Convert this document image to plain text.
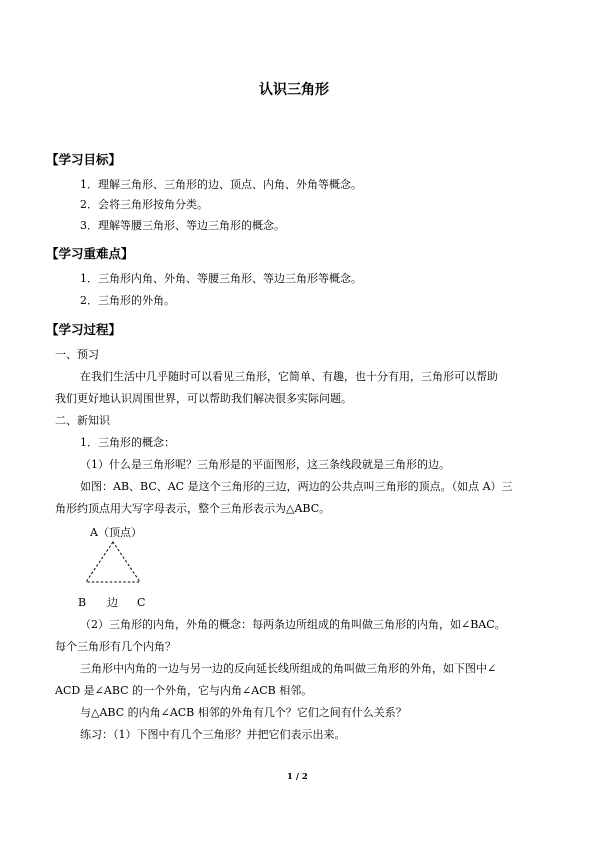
认识三角形
【学习目标】
1．理解三角形、三角形的边、顶点、内角、外角等概念。
2．会将三角形按角分类。
3．理解等腰三角形、等边三角形的概念。
【学习重难点】
1．三角形内角、外角、等腰三角形、等边三角形等概念。
2．三角形的外角。
【学习过程】
一、预习
在我们生活中几乎随时可以看见三角形，它简单、有趣，也十分有用，三角形可以帮助
我们更好地认识周围世界，可以帮助我们解决很多实际问题。
二、新知识
1．三角形的概念：
（1）什么是三角形呢？三角形是的平面图形，这三条线段就是三角形的边。
如图：AB、BC、AC 是这个三角形的三边，两边的公共点叫三角形的顶点。（如点 A）三
角形约顶点用大写字母表示，整个三角形表示为△ABC。
A（顶点）
B 边 C
（2）三角形的内角，外角的概念：每两条边所组成的角叫做三角形的内角，如∠BAC。
每个三角形有几个内角？
三角形中内角的一边与另一边的反向延长线所组成的角叫做三角形的外角，如下图中∠
ACD 是∠ABC 的一个外角，它与内角∠ACB 相邻。
与△ABC 的内角∠ACB 相邻的外角有几个？它们之间有什么关系？
练习：（1）下图中有几个三角形？并把它们表示出来。
1 / 2
